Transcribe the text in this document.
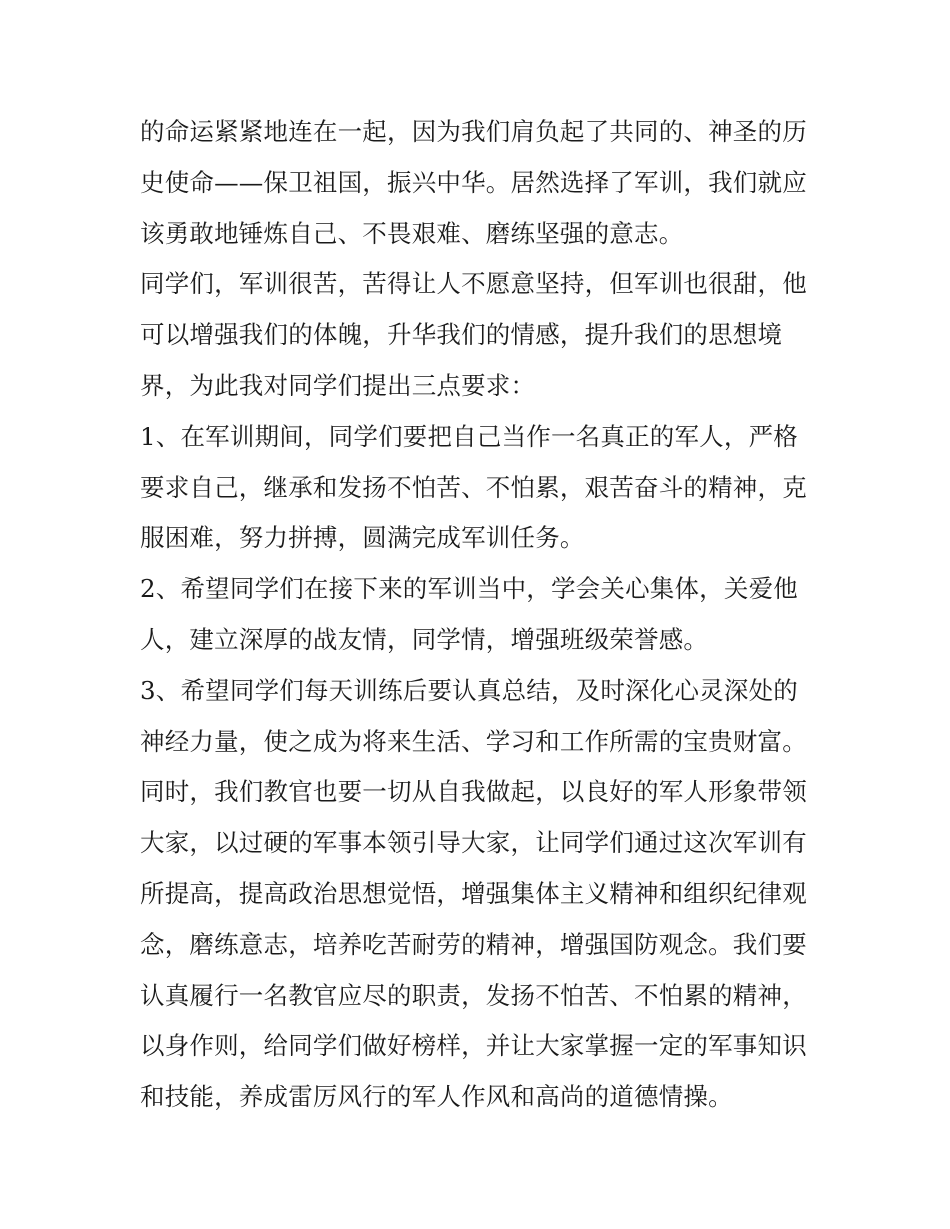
的命运紧紧地连在一起，因为我们肩负起了共同的、神圣的历
史使命——保卫祖国，振兴中华。居然选择了军训，我们就应
该勇敢地锤炼自己、不畏艰难、磨练坚强的意志。
同学们，军训很苦，苦得让人不愿意坚持，但军训也很甜，他
可以增强我们的体魄，升华我们的情感，提升我们的思想境
界，为此我对同学们提出三点要求：
1、在军训期间，同学们要把自己当作一名真正的军人，严格
要求自己，继承和发扬不怕苦、不怕累，艰苦奋斗的精神，克
服困难，努力拼搏，圆满完成军训任务。
2、希望同学们在接下来的军训当中，学会关心集体，关爱他
人，建立深厚的战友情，同学情，增强班级荣誉感。
3、希望同学们每天训练后要认真总结，及时深化心灵深处的
神经力量，使之成为将来生活、学习和工作所需的宝贵财富。
同时，我们教官也要一切从自我做起，以良好的军人形象带领
大家，以过硬的军事本领引导大家，让同学们通过这次军训有
所提高，提高政治思想觉悟，增强集体主义精神和组织纪律观
念，磨练意志，培养吃苦耐劳的精神，增强国防观念。我们要
认真履行一名教官应尽的职责，发扬不怕苦、不怕累的精神，
以身作则，给同学们做好榜样，并让大家掌握一定的军事知识
和技能，养成雷厉风行的军人作风和高尚的道德情操。
